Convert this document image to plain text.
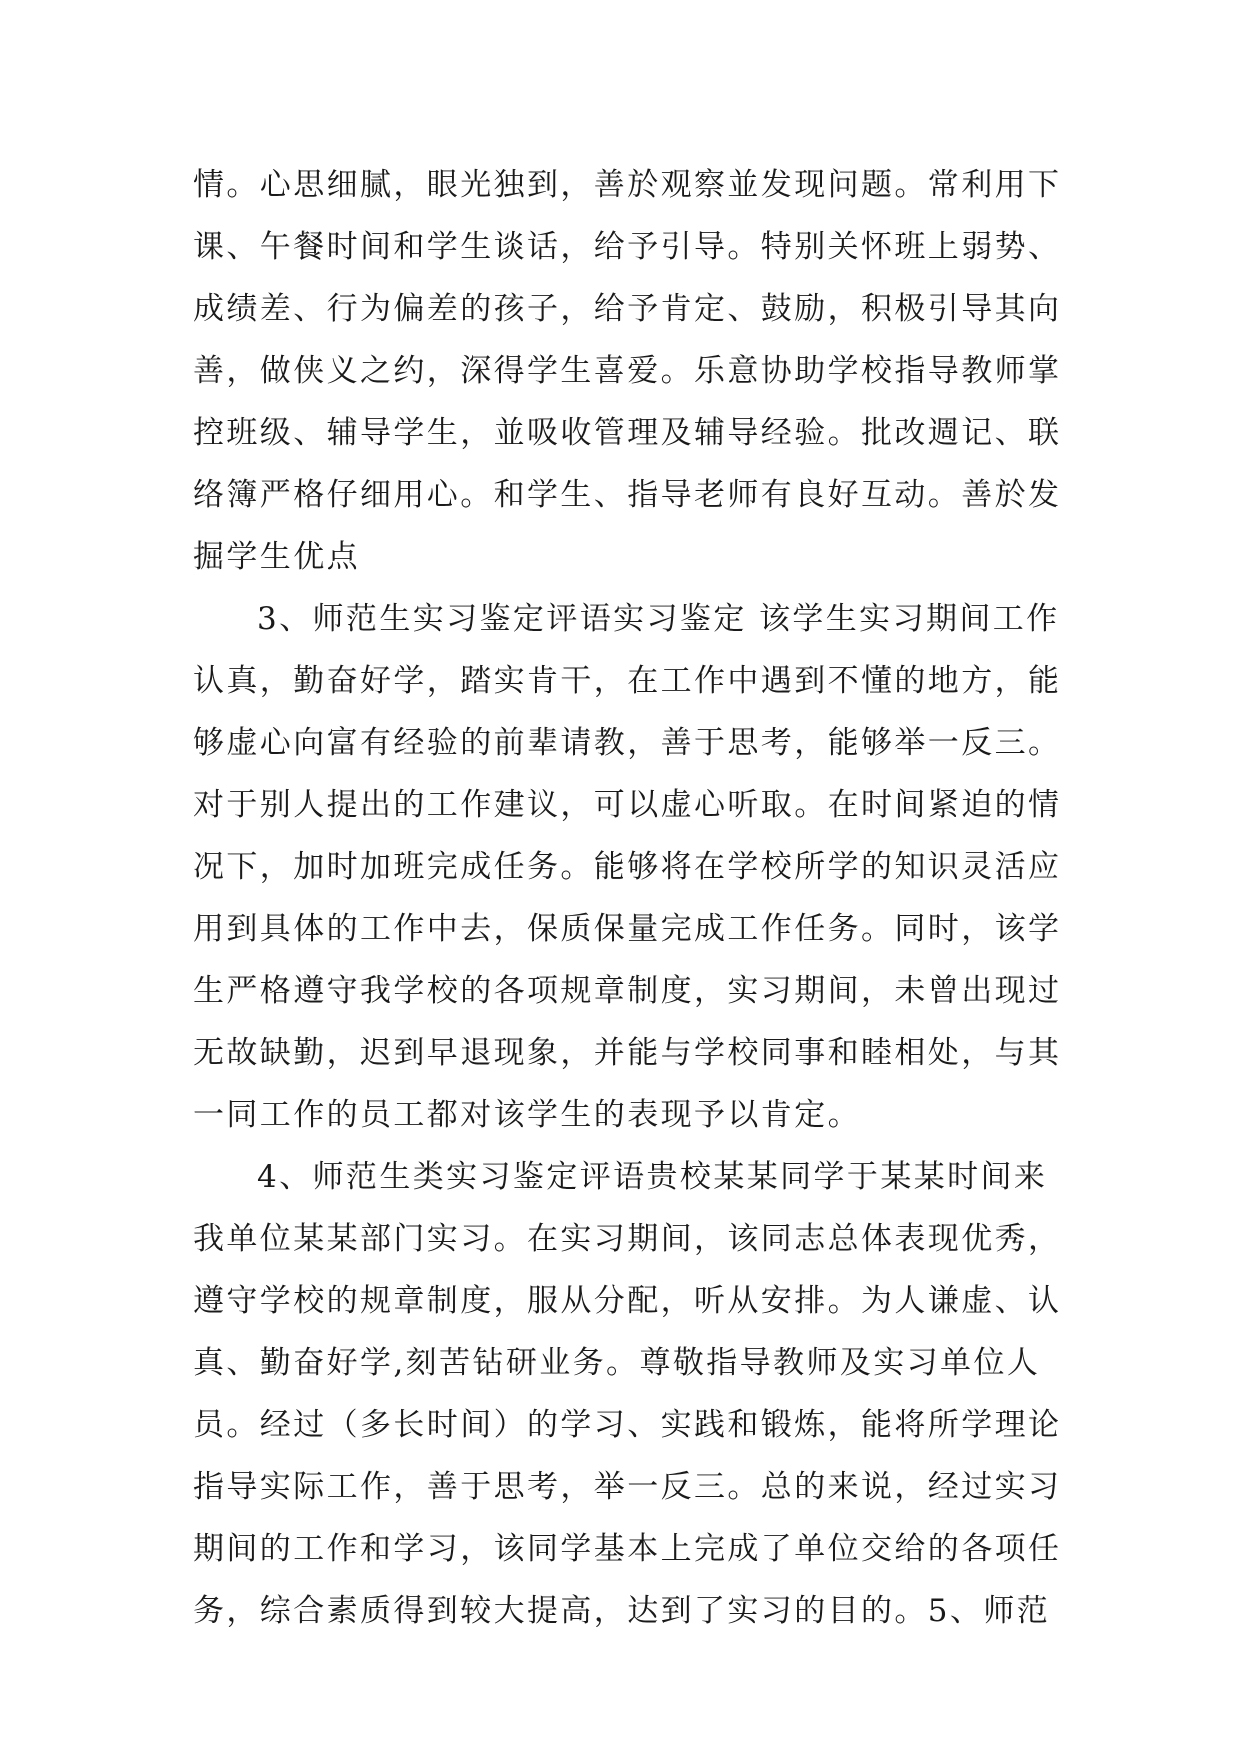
情。心思细腻，眼光独到，善於观察並发现问题。常利用下
课、午餐时间和学生谈话，给予引导。特别关怀班上弱势、
成绩差、行为偏差的孩子，给予肯定、鼓励，积极引导其向
善，做侠义之约，深得学生喜爱。乐意协助学校指导教师掌
控班级、辅导学生，並吸收管理及辅导经验。批改週记、联
络簿严格仔细用心。和学生、指导老师有良好互动。善於发
掘学生优点
3、师范生实习鉴定评语实习鉴定 该学生实习期间工作
认真，勤奋好学，踏实肯干，在工作中遇到不懂的地方，能
够虚心向富有经验的前辈请教，善于思考，能够举一反三。
对于别人提出的工作建议，可以虚心听取。在时间紧迫的情
况下，加时加班完成任务。能够将在学校所学的知识灵活应
用到具体的工作中去，保质保量完成工作任务。同时，该学
生严格遵守我学校的各项规章制度，实习期间，未曾出现过
无故缺勤，迟到早退现象，并能与学校同事和睦相处，与其
一同工作的员工都对该学生的表现予以肯定。
4、师范生类实习鉴定评语贵校某某同学于某某时间来
我单位某某部门实习。在实习期间，该同志总体表现优秀，
遵守学校的规章制度，服从分配，听从安排。为人谦虚、认
真、勤奋好学,刻苦钻研业务。尊敬指导教师及实习单位人
员。经过（多长时间）的学习、实践和锻炼，能将所学理论
指导实际工作，善于思考，举一反三。总的来说，经过实习
期间的工作和学习，该同学基本上完成了单位交给的各项任
务，综合素质得到较大提高，达到了实习的目的。5、师范
